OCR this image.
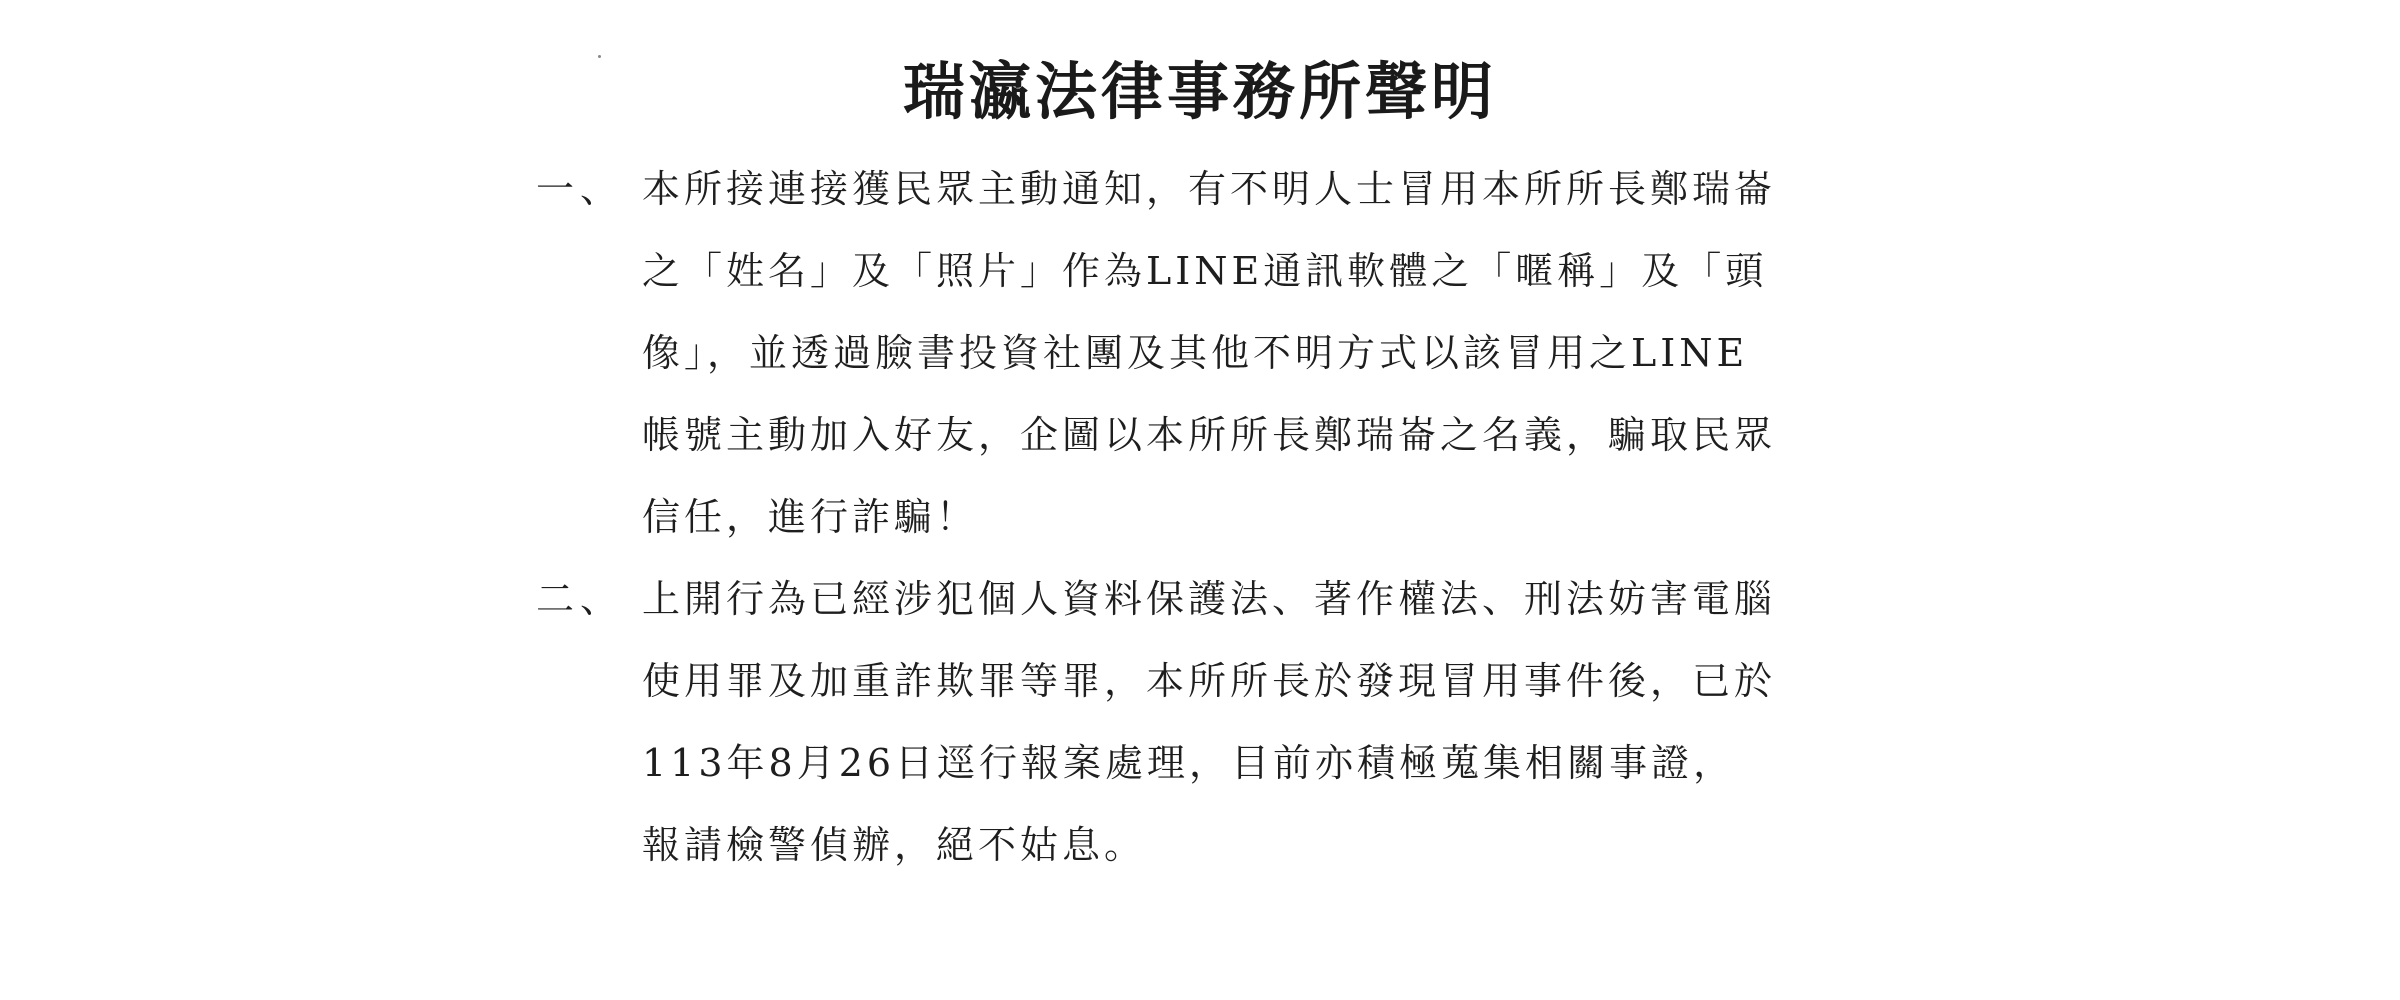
瑞瀛法律事務所聲明
一、 本所接連接獲民眾主動通知，有不明人士冒用本所所長鄭瑞崙
之「姓名」及「照片」作為LINE通訊軟體之「暱稱」及「頭
像」，並透過臉書投資社團及其他不明方式以該冒用之LINE
帳號主動加入好友，企圖以本所所長鄭瑞崙之名義，騙取民眾
信任，進行詐騙！
二、 上開行為已經涉犯個人資料保護法、著作權法、刑法妨害電腦
使用罪及加重詐欺罪等罪，本所所長於發現冒用事件後，已於
113年8月26日逕行報案處理，目前亦積極蒐集相關事證，
報請檢警偵辦，絕不姑息。
